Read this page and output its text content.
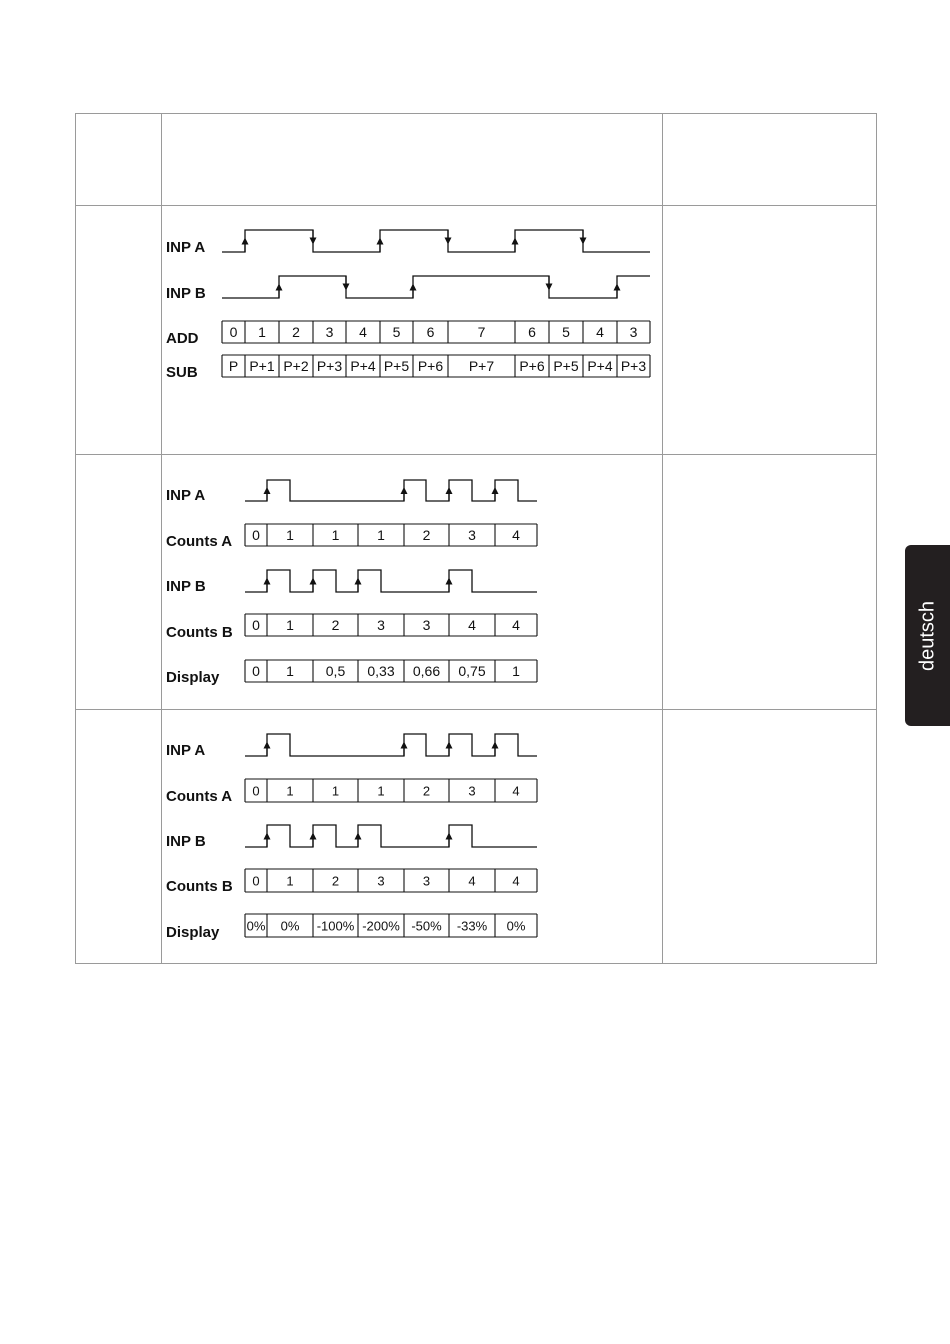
INP A
INP B
ADD 0 1 2 3 4 5 6	7	6 5 4 3
SUB P P+1 P+2 P+3 P+4 P+5 P+6 P+7 P+6 P+5 P+4 P+3
INP A
INP B
Counts A 0 1	1	1	2	3	4
Counts B 0 1	2	3	3	4	4
Display 0 1 0,5 0,33 0,66 0,75 1
INP A
INP B
Counts A 0 1	1	1	2	3	4
Counts B 0 1	2	3	3	4	4
Display 0% 0% -100% -200% -50% -33% 0%
deutsch
